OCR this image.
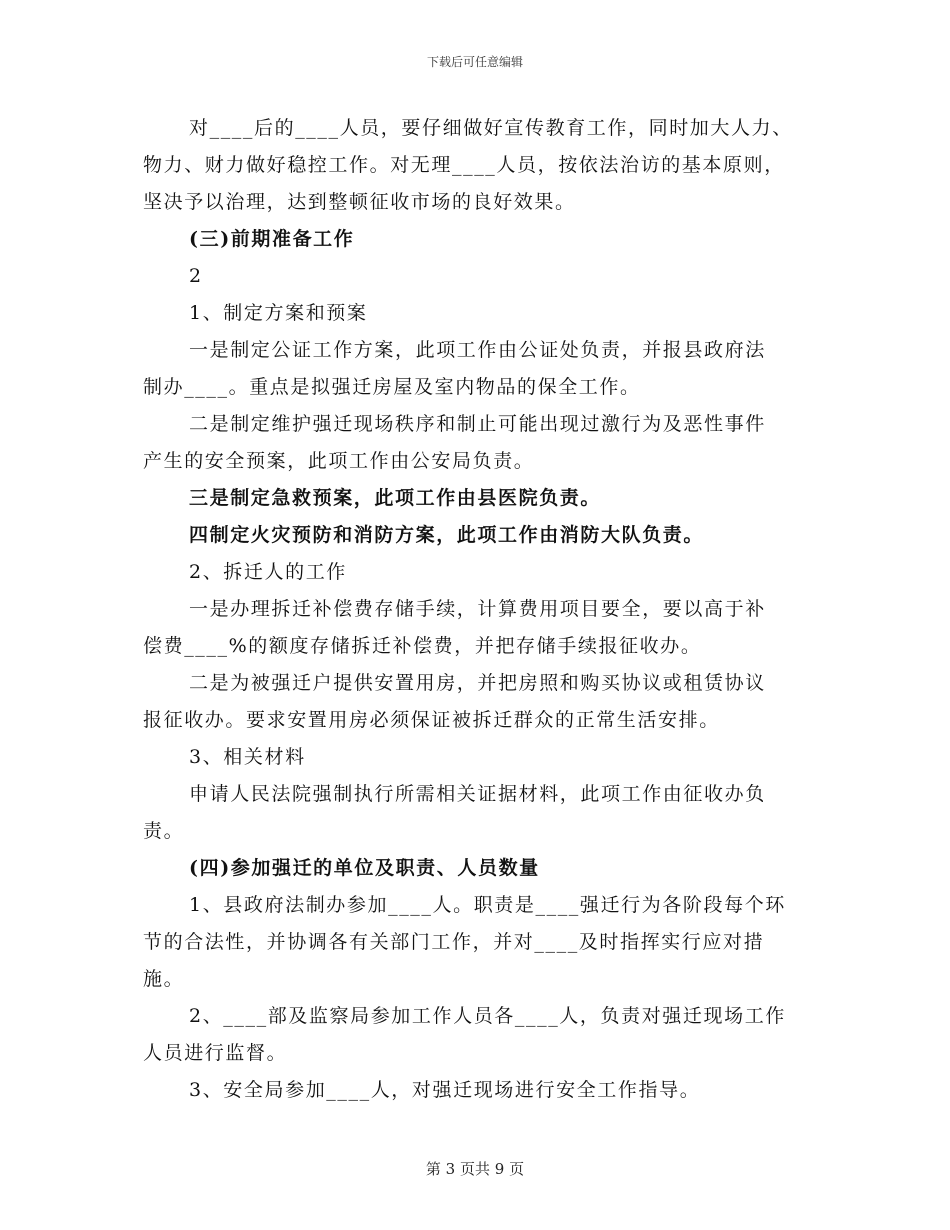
下载后可任意编辑
对____后的____人员，要仔细做好宣传教育工作，同时加大人力、
物力、财力做好稳控工作。对无理____人员，按依法治访的基本原则，
坚决予以治理，达到整顿征收市场的良好效果。
(三)前期准备工作
2
1、制定方案和预案
一是制定公证工作方案，此项工作由公证处负责，并报县政府法
制办____。重点是拟强迁房屋及室内物品的保全工作。
二是制定维护强迁现场秩序和制止可能出现过激行为及恶性事件
产生的安全预案，此项工作由公安局负责。
三是制定急救预案，此项工作由县医院负责。
四制定火灾预防和消防方案，此项工作由消防大队负责。
2、拆迁人的工作
一是办理拆迁补偿费存储手续，计算费用项目要全，要以高于补
偿费____%的额度存储拆迁补偿费，并把存储手续报征收办。
二是为被强迁户提供安置用房，并把房照和购买协议或租赁协议
报征收办。要求安置用房必须保证被拆迁群众的正常生活安排。
3、相关材料
申请人民法院强制执行所需相关证据材料，此项工作由征收办负
责。
(四)参加强迁的单位及职责、人员数量
1、县政府法制办参加____人。职责是____强迁行为各阶段每个环
节的合法性，并协调各有关部门工作，并对____及时指挥实行应对措
施。
2、____部及监察局参加工作人员各____人，负责对强迁现场工作
人员进行监督。
3、安全局参加____人，对强迁现场进行安全工作指导。
第 3 页共 9 页
